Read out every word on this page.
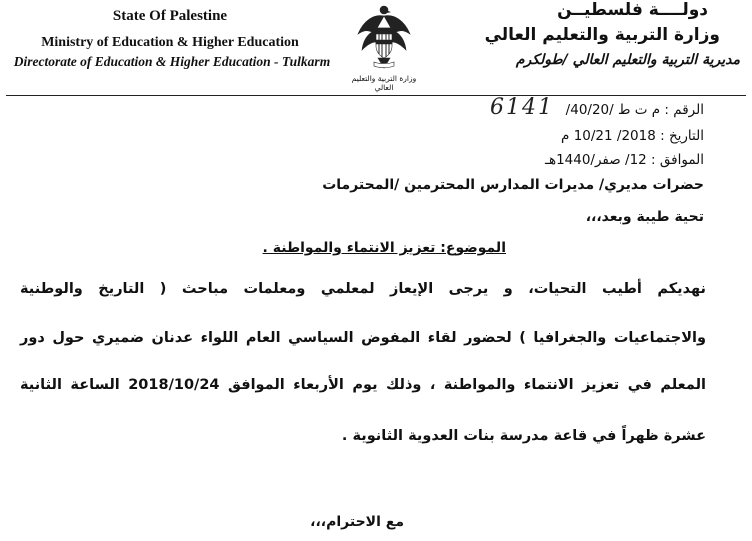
State Of Palestine
Ministry of Education & Higher Education
Directorate of Education & Higher Education - Tulkarm
وزارة التربية والتعليم العالي
دولــــة فلسطيــن
وزارة التربية والتعليم العالي
مديرية التربية والتعليم العالي /طولكرم
6141 الرقم : م ت ط /40/20/
التاريخ : 2018/ 10/21 م
الموافق : 12/ صفر/1440هـ
حضرات مديري/ مديرات المدارس المحترمين /المحترمات
تحية طيبة وبعد،،،
الموضوع: تعزيز الانتماء والمواطنة .
نهديكم أطيب التحيات، و يرجى الإيعاز لمعلمي ومعلمات مباحث ( التاريخ والوطنية
والاجتماعيات والجغرافيا ) لحضور لقاء المفوض السياسي العام اللواء عدنان ضميري حول دور
المعلم في تعزيز الانتماء والمواطنة ، وذلك يوم الأربعاء الموافق 2018/10/24 الساعة الثانية
عشرة ظهراً في قاعة مدرسة بنات العدوية الثانوية .
مع الاحترام،،،
